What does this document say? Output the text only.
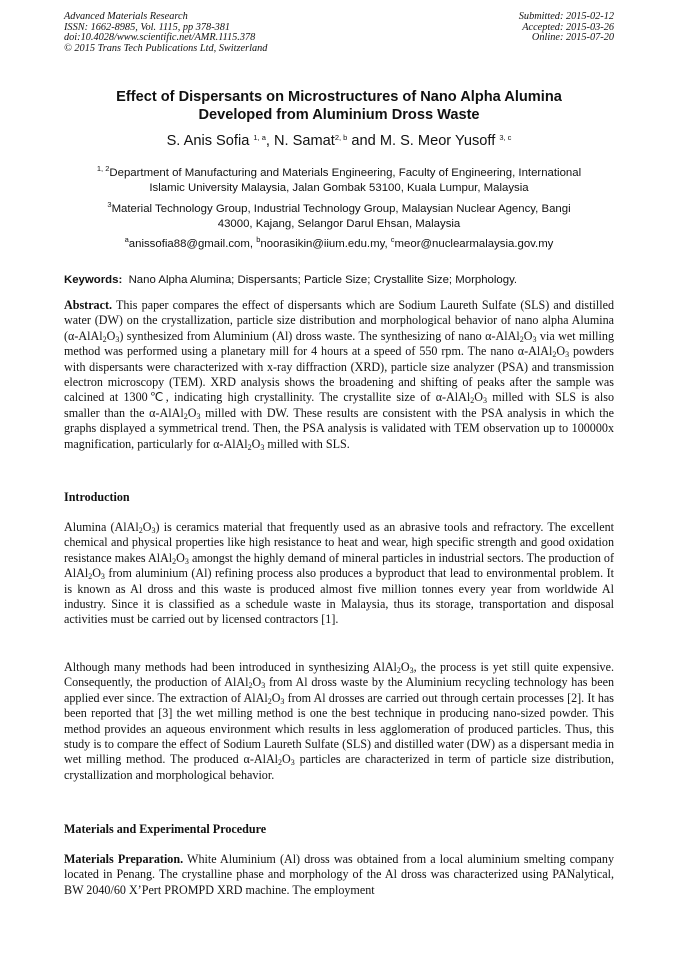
Advanced Materials Research
ISSN: 1662-8985, Vol. 1115, pp 378-381
doi:10.4028/www.scientific.net/AMR.1115.378
© 2015 Trans Tech Publications Ltd, Switzerland
Submitted: 2015-02-12
Accepted: 2015-03-26
Online: 2015-07-20
Effect of Dispersants on Microstructures of Nano Alpha Alumina
Developed from Aluminium Dross Waste
S. Anis Sofia $^{1, a}$, N. Samat$^{2, b}$ and M. S. Meor Yusoff $^{3, c}$
$^{1, 2}$Department of Manufacturing and Materials Engineering, Faculty of Engineering, International
Islamic University Malaysia, Jalan Gombak 53100, Kuala Lumpur, Malaysia
$^3$Material Technology Group, Industrial Technology Group, Malaysian Nuclear Agency, Bangi
43000, Kajang, Selangor Darul Ehsan, Malaysia
$^a$anissofia88@gmail.com, $^b$noorasikin@iium.edu.my, $^c$meor@nuclearmalaysia.gov.my
Keywords: Nano Alpha Alumina; Dispersants; Particle Size; Crystallite Size; Morphology.
Abstract. This paper compares the effect of dispersants which are Sodium Laureth Sulfate (SLS) and distilled water (DW) on the crystallization, particle size distribution and morphological behavior of nano alpha Alumina $(\alpha-AlAl_2O_3)$ synthesized from Aluminium (Al) dross waste. The synthesizing of nano $\alpha-AlAl_2O_3$ via wet milling method was performed using a planetary mill for 4 hours at a speed of 550 rpm. The nano $\alpha-AlAl_2O_3$ powders with dispersants were characterized with x-ray diffraction (XRD), particle size analyzer (PSA) and transmission electron microscopy (TEM). XRD analysis shows the broadening and shifting of peaks after the sample was calcined at 1300℃, indicating high crystallinity. The crystallite size of $\alpha-AlAl_2O_3$ milled with SLS is also smaller than the $\alpha-AlAl_2O_3$ milled with DW. These results are consistent with the PSA analysis in which the graphs displayed a symmetrical trend. Then, the PSA analysis is validated with TEM observation up to 100000x magnification, particularly for $\alpha-AlAl_2O_3$ milled with SLS.
Introduction
Alumina $(AlAl_2O_3)$ is ceramics material that frequently used as an abrasive tools and refractory. The excellent chemical and physical properties like high resistance to heat and wear, high specific strength and good oxidation resistance makes $AlAl_2O_3$ amongst the highly demand of mineral particles in industrial sectors. The production of $AlAl_2O_3$ from aluminium (Al) refining process also produces a byproduct that lead to environmental problem. It is known as Al dross and this waste is produced almost five million tonnes every year from worldwide Al industry. Since it is classified as a schedule waste in Malaysia, thus its storage, transportation and disposal activities must be carried out by licensed contractors [1].
Although many methods had been introduced in synthesizing $AlAl_2O_3$, the process is yet still quite expensive. Consequently, the production of $AlAl_2O_3$ from Al dross waste by the Aluminium recycling technology has been applied ever since. The extraction of $AlAl_2O_3$ from Al drosses are carried out through certain processes [2]. It has been reported that [3] the wet milling method is one the best technique in producing nano-sized powder. This method provides an aqueous environment which results in less agglomeration of produced particles. Thus, this study is to compare the effect of Sodium Laureth Sulfate (SLS) and distilled water (DW) as a dispersant media in wet milling method. The produced $\alpha-AlAl_2O_3$ particles are characterized in term of particle size distribution, crystallization and morphological behavior.
Materials and Experimental Procedure
Materials Preparation. White Aluminium (Al) dross was obtained from a local aluminium smelting company located in Penang. The crystalline phase and morphology of the Al dross was characterized using PANalytical, BW 2040/60 X’Pert PROMPD XRD machine. The employment
